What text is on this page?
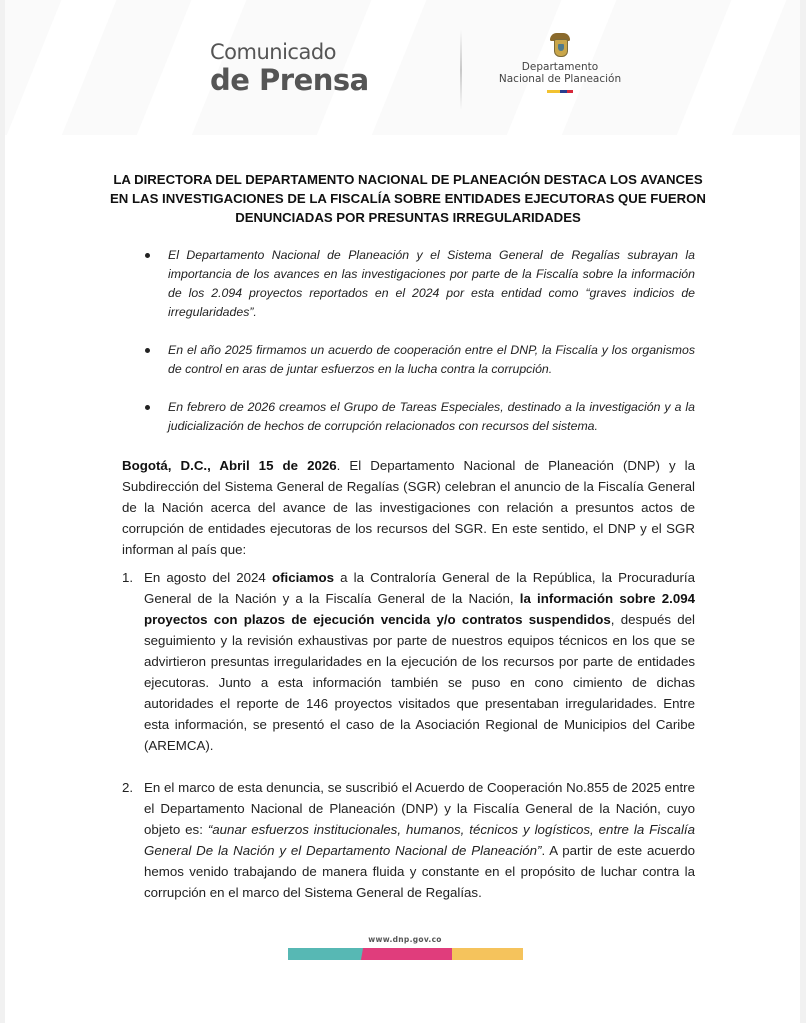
Comunicado
de Prensa	Departamento
Nacional de Planeación
LA DIRECTORA DEL DEPARTAMENTO NACIONAL DE PLANEACIÓN DESTACA LOS AVANCES EN LAS INVESTIGACIONES DE LA FISCALÍA SOBRE ENTIDADES EJECUTORAS QUE FUERON DENUNCIADAS POR PRESUNTAS IRREGULARIDADES
El Departamento Nacional de Planeación y el Sistema General de Regalías subrayan la importancia de los avances en las investigaciones por parte de la Fiscalía sobre la información de los 2.094 proyectos reportados en el 2024 por esta entidad como “graves indicios de irregularidades”.
En el año 2025 firmamos un acuerdo de cooperación entre el DNP, la Fiscalía y los organismos de control en aras de juntar esfuerzos en la lucha contra la corrupción.
En febrero de 2026 creamos el Grupo de Tareas Especiales, destinado a la investigación y a la judicialización de hechos de corrupción relacionados con recursos del sistema.
Bogotá, D.C., Abril 15 de 2026. El Departamento Nacional de Planeación (DNP) y la Subdirección del Sistema General de Regalías (SGR) celebran el anuncio de la Fiscalía General de la Nación acerca del avance de las investigaciones con relación a presuntos actos de corrupción de entidades ejecutoras de los recursos del SGR. En este sentido, el DNP y el SGR informan al país que:
1. En agosto del 2024 oficiamos a la Contraloría General de la República, la Procuraduría General de la Nación y a la Fiscalía General de la Nación, la información sobre 2.094 proyectos con plazos de ejecución vencida y/o contratos suspendidos, después del seguimiento y la revisión exhaustivas por parte de nuestros equipos técnicos en los que se advirtieron presuntas irregularidades en la ejecución de los recursos por parte de entidades ejecutoras. Junto a esta información también se puso en cono cimiento de dichas autoridades el reporte de 146 proyectos visitados que presentaban irregularidades. Entre esta información, se presentó el caso de la Asociación Regional de Municipios del Caribe (AREMCA).
2. En el marco de esta denuncia, se suscribió el Acuerdo de Cooperación No.855 de 2025 entre el Departamento Nacional de Planeación (DNP) y la Fiscalía General de la Nación, cuyo objeto es: “aunar esfuerzos institucionales, humanos, técnicos y logísticos, entre la Fiscalía General De la Nación y el Departamento Nacional de Planeación”. A partir de este acuerdo hemos venido trabajando de manera fluida y constante en el propósito de luchar contra la corrupción en el marco del Sistema General de Regalías.
www.dnp.gov.co
